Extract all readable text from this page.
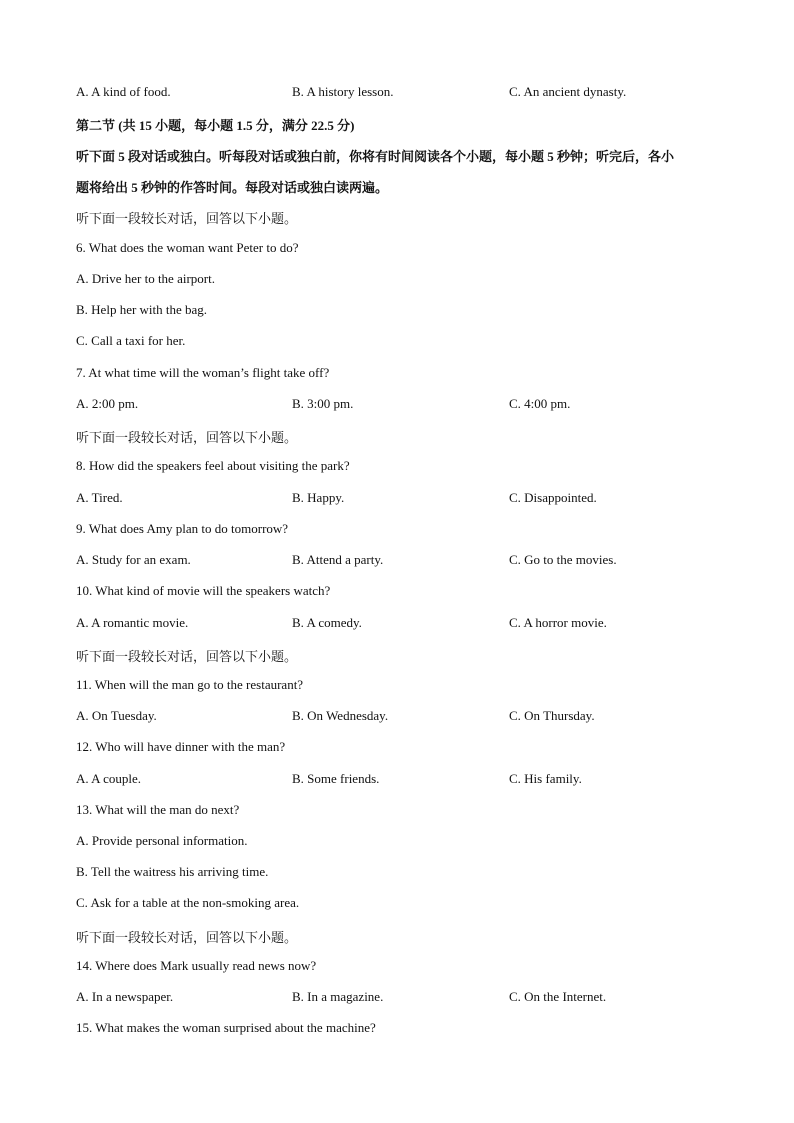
A. A kind of food.	B. A history lesson.	C. An ancient dynasty.
第二节 (共 15 小题，每小题 1.5 分，满分 22.5 分)
听下面 5 段对话或独白。听每段对话或独白前，你将有时间阅读各个小题，每小题 5 秒钟；听完后，各小
题将给出 5 秒钟的作答时间。每段对话或独白读两遍。
听下面一段较长对话，回答以下小题。
6. What does the woman want Peter to do?
A. Drive her to the airport.
B. Help her with the bag.
C. Call a taxi for her.
7. At what time will the woman’s flight take off?
A. 2:00 pm.	B. 3:00 pm.	C. 4:00 pm.
听下面一段较长对话，回答以下小题。
8. How did the speakers feel about visiting the park?
A. Tired.	B. Happy.	C. Disappointed.
9. What does Amy plan to do tomorrow?
A. Study for an exam.	B. Attend a party.	C. Go to the movies.
10. What kind of movie will the speakers watch?
A. A romantic movie.	B. A comedy.	C. A horror movie.
听下面一段较长对话，回答以下小题。
11. When will the man go to the restaurant?
A. On Tuesday.	B. On Wednesday.	C. On Thursday.
12. Who will have dinner with the man?
A. A couple.	B. Some friends.	C. His family.
13. What will the man do next?
A. Provide personal information.
B. Tell the waitress his arriving time.
C. Ask for a table at the non-smoking area.
听下面一段较长对话，回答以下小题。
14. Where does Mark usually read news now?
A. In a newspaper.	B. In a magazine.	C. On the Internet.
15. What makes the woman surprised about the machine?
